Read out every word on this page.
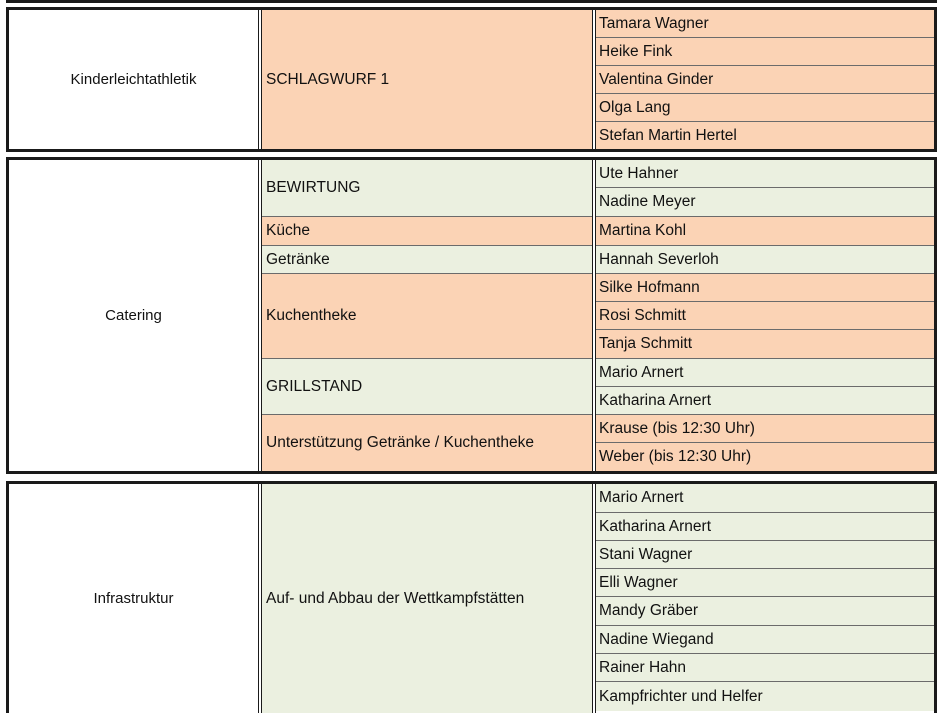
Kinderleichtathletik	SCHLAGWURF 1
Tamara Wagner
Heike Fink
Valentina Ginder
Olga Lang
Stefan Martin Hertel
Catering
BEWIRTUNG
Küche
Getränke
Kuchentheke
GRILLSTAND
Unterstützung Getränke / Kuchentheke
Ute Hahner
Nadine Meyer
Martina Kohl
Hannah Severloh
Silke Hofmann
Rosi Schmitt
Tanja Schmitt
Mario Arnert
Katharina Arnert
Krause (bis 12:30 Uhr)
Weber (bis 12:30 Uhr)
Infrastruktur	Auf- und Abbau der Wettkampfstätten
Mario Arnert
Katharina Arnert
Stani Wagner
Elli Wagner
Mandy Gräber
Nadine Wiegand
Rainer Hahn
Kampfrichter und Helfer
